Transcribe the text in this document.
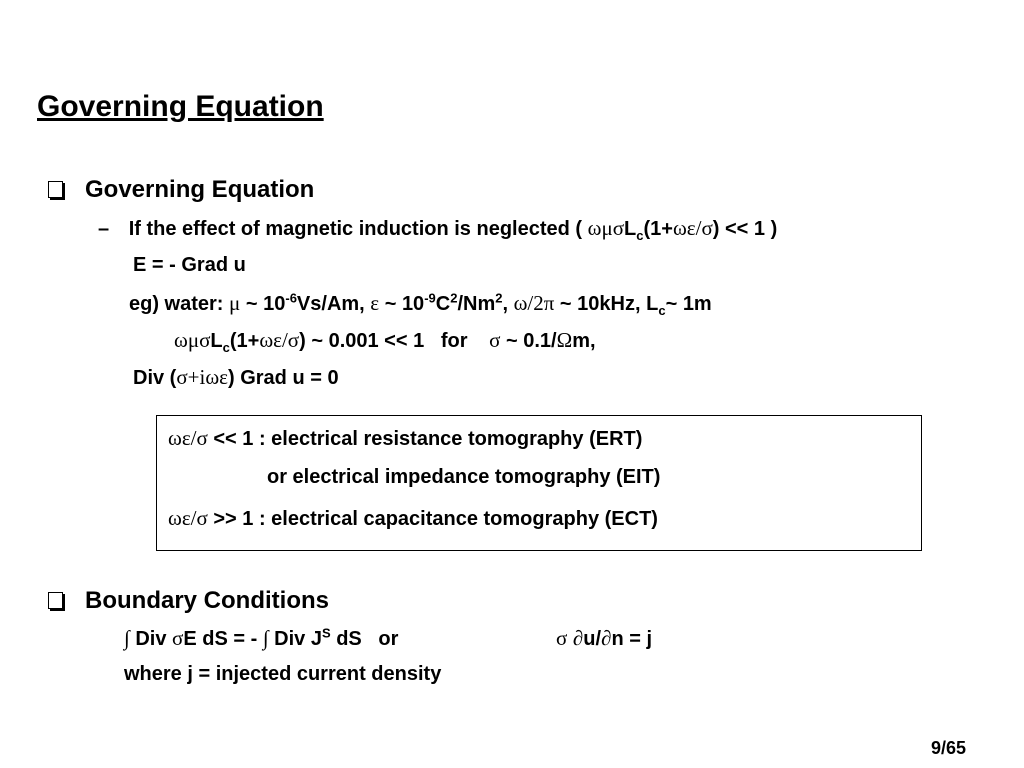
Governing Equation
Governing Equation
– If the effect of magnetic induction is neglected ( ωμσL$_c$(1+ωε/σ) << 1 )
E = - Grad u
eg) water: μ ~ $10^{-6}Vs/Am$, ε ~ $10^{-9}C^2/Nm^2$, ω/2π ~ 10kHz, $L_c\sim$ 1m
ωμσL$_c$(1+ωε/σ) ~ 0.001 << 1   for σ ~ 0.1/Ωm,
Div (σ+iωε) Grad u = 0
ωε/σ << 1 : electrical resistance tomography (ERT)
or electrical impedance tomography (EIT)
ωε/σ >> 1 : electrical capacitance tomography (ECT)
Boundary Conditions
∫ Div σE dS = - ∫ Div $J^S$ dS   or	σ ∂u/∂n = j
where j = injected current density
9/65
